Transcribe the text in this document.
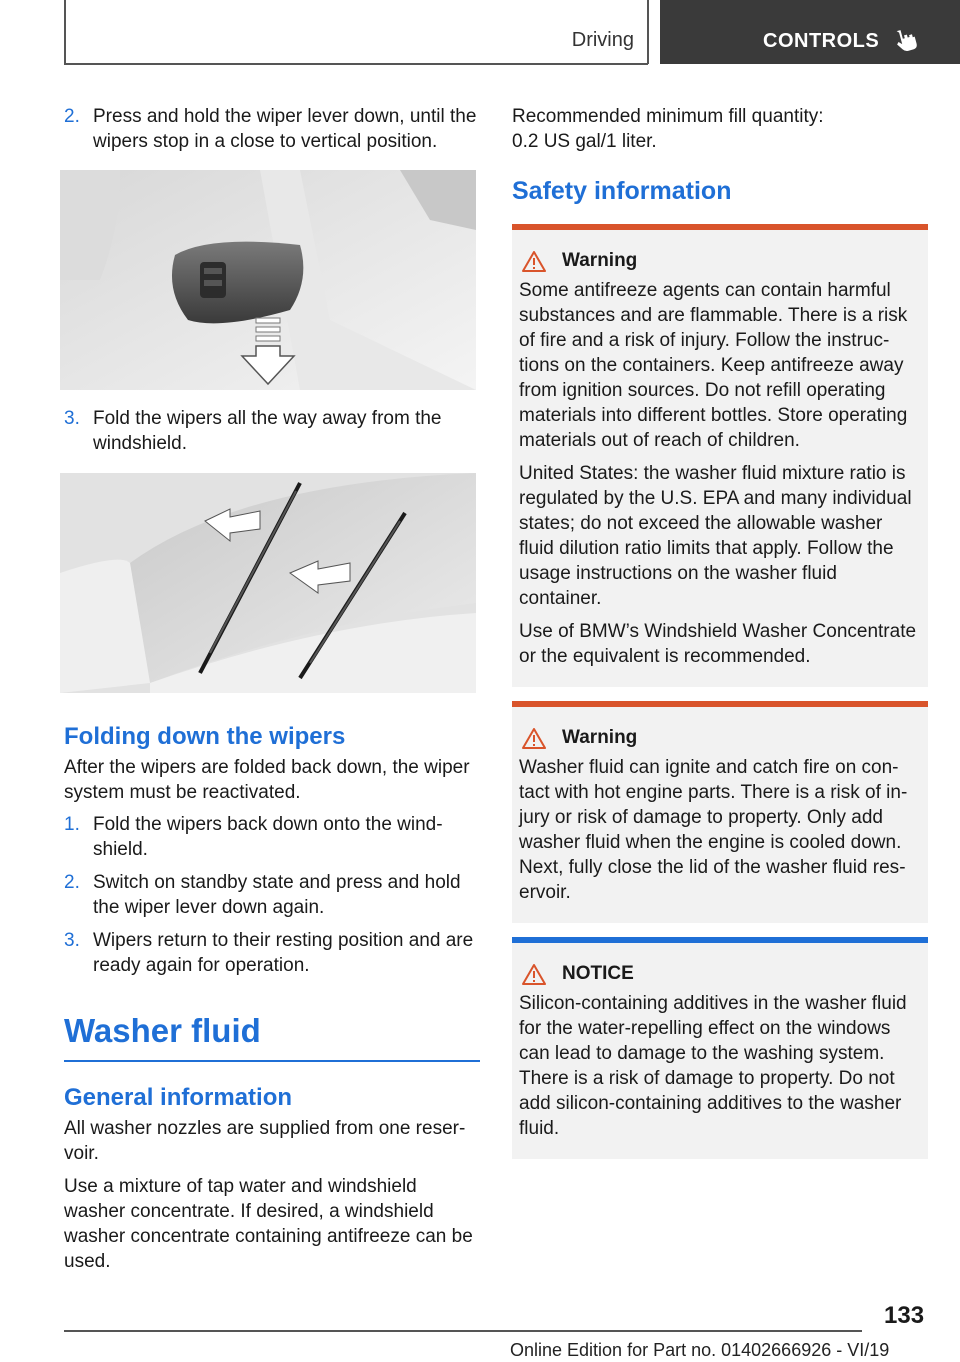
Driving	CONTROLS
2. Press and hold the wiper lever down, until the wipers stop in a close to vertical position.
3. Fold the wipers all the way away from the windshield.
Folding down the wipers

After the wipers are folded back down, the wiper system must be reactivated.

1. Fold the wipers back down onto the windshield.
2. Switch on standby state and press and hold the wiper lever down again.
3. Wipers return to their resting position and are ready again for operation.
Washer fluid
General information

All washer nozzles are supplied from one reservoir.

Use a mixture of tap water and windshield washer concentrate. If desired, a windshield washer concentrate containing antifreeze can be used.

Recommended minimum fill quantity:
0.2 US gal/1 liter.

Safety information
Warning

Some antifreeze agents can contain harmful substances and are flammable. There is a risk of fire and a risk of injury. Follow the instructions on the containers. Keep antifreeze away from ignition sources. Do not refill operating materials into different bottles. Store operating materials out of reach of children.

United States: the washer fluid mixture ratio is regulated by the U.S. EPA and many individual states; do not exceed the allowable washer fluid dilution ratio limits that apply. Follow the usage instructions on the washer fluid container.

Use of BMW’s Windshield Washer Concentrate or the equivalent is recommended.

Warning

Washer fluid can ignite and catch fire on contact with hot engine parts. There is a risk of injury or risk of damage to property. Only add washer fluid when the engine is cooled down. Next, fully close the lid of the washer fluid reservoir.

NOTICE

Silicon-containing additives in the washer fluid for the water-repelling effect on the windows can lead to damage to the washing system. There is a risk of damage to property. Do not add silicon-containing additives to the washer fluid.

133
Online Edition for Part no. 01402666926 - VI/19
